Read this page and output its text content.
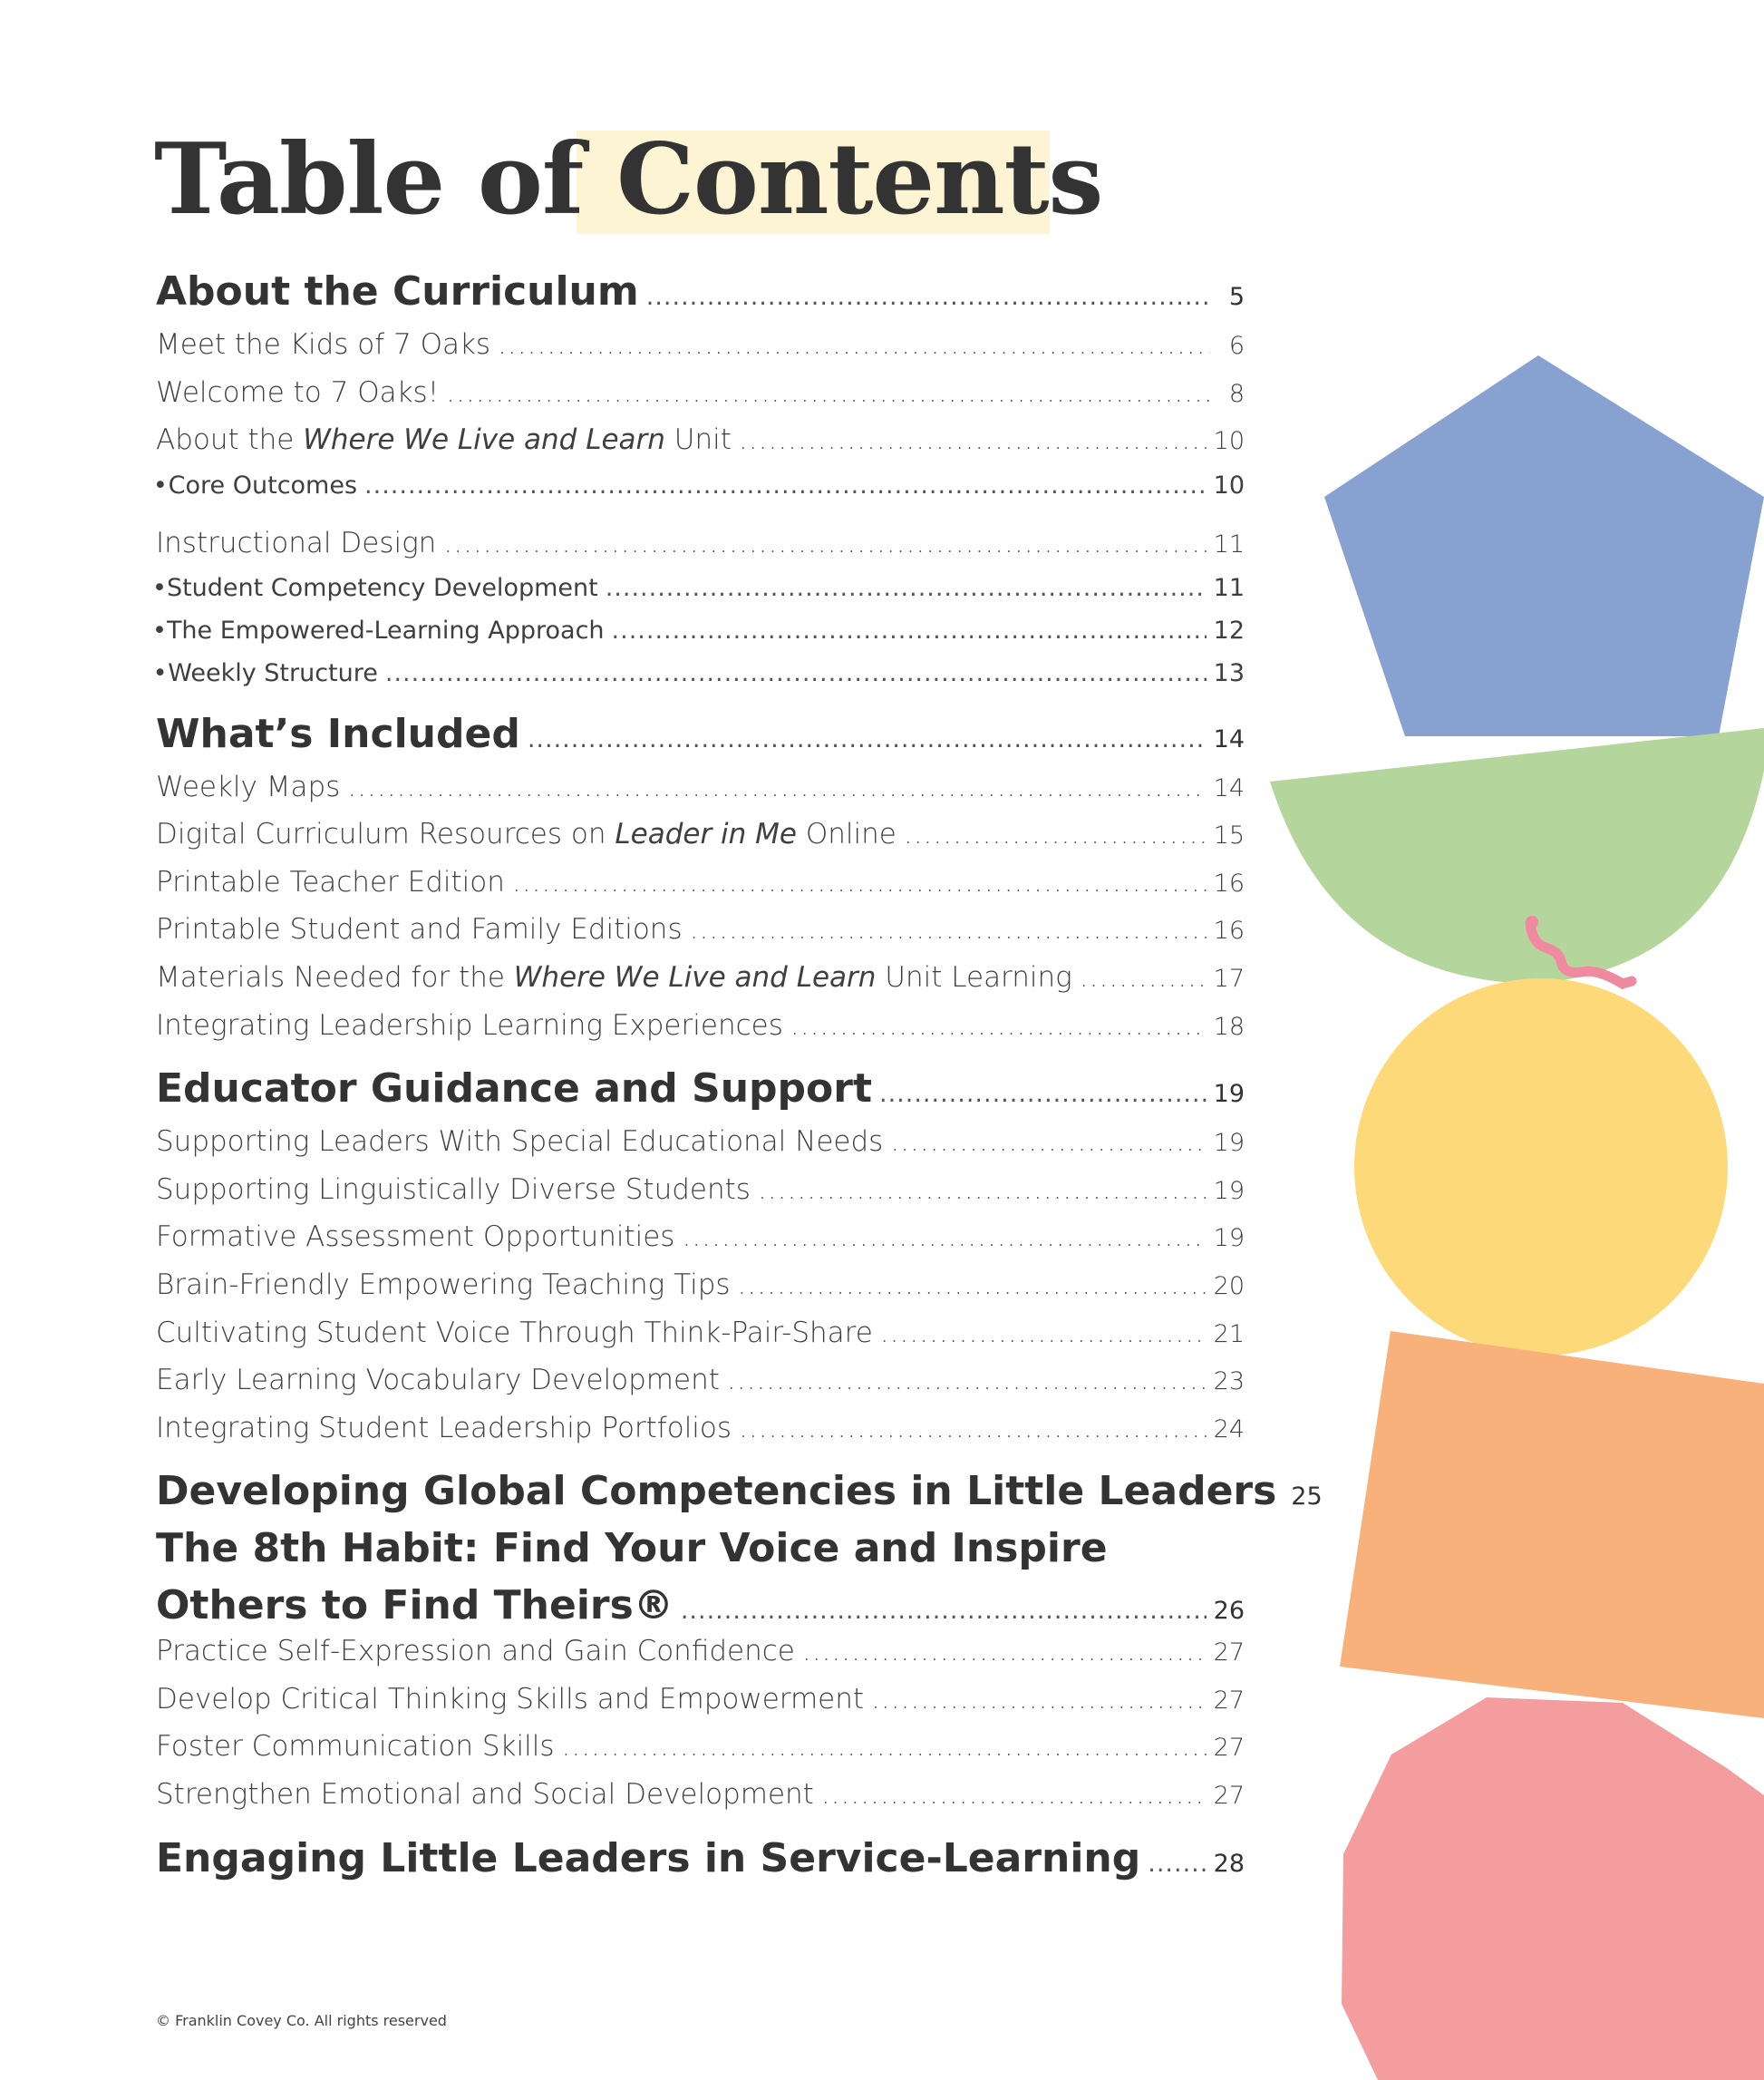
Table of Contents
About the Curriculum .....	5
Meet the Kids of 7 Oaks .....	6
Welcome to 7 Oaks! .....	8
About the Where We Live and Learn Unit .....	10
• Core Outcomes .....	10
Instructional Design .....	11
• Student Competency Development .....	11
• The Empowered-Learning Approach .....	12
• Weekly Structure .....	13
What’s Included .....	14
Weekly Maps .....	14
Digital Curriculum Resources on Leader in Me Online .....	15
Printable Teacher Edition .....	16
Printable Student and Family Editions .....	16
Materials Needed for the Where We Live and Learn Unit Learning .....	17
Integrating Leadership Learning Experiences .....	18
Educator Guidance and Support .....	19
Supporting Leaders With Special Educational Needs .....	19
Supporting Linguistically Diverse Students .....	19
Formative Assessment Opportunities .....	19
Brain-Friendly Empowering Teaching Tips .....	20
Cultivating Student Voice Through Think-Pair-Share .....	21
Early Learning Vocabulary Development .....	23
Integrating Student Leadership Portfolios .....	24
Developing Global Competencies in Little Leaders 25
The 8th Habit: Find Your Voice and Inspire
Others to Find Theirs® .....	26
Practice Self-Expression and Gain Confidence .....	27
Develop Critical Thinking Skills and Empowerment .....	27
Foster Communication Skills .....	27
Strengthen Emotional and Social Development .....	27
Engaging Little Leaders in Service-Learning .....	28
© Franklin Covey Co. All rights reserved
